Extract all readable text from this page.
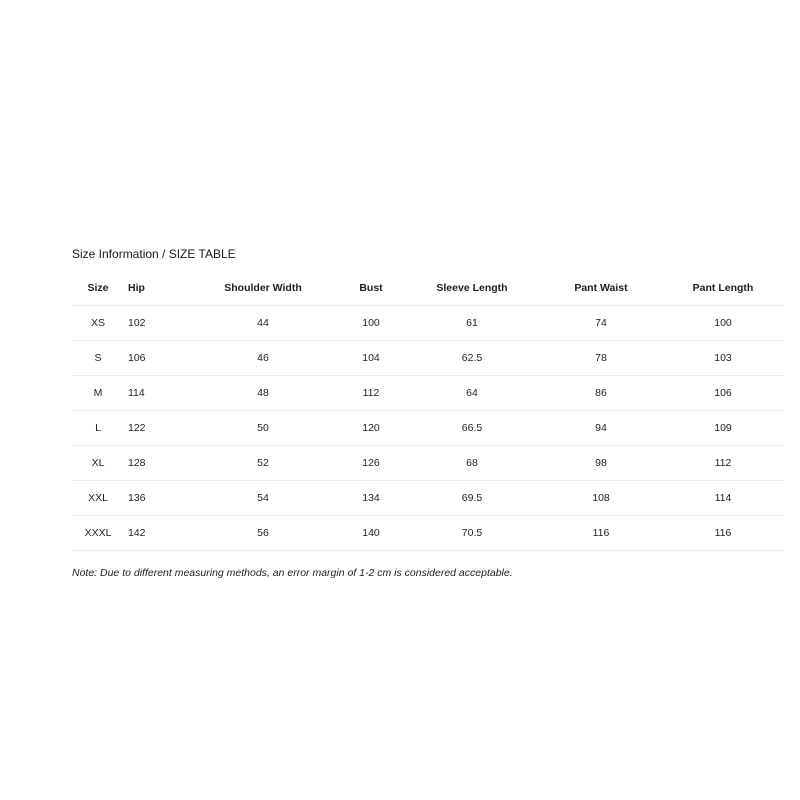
Size Information / SIZE TABLE
Size	Hip	Shoulder Width	Bust	Sleeve Length	Pant Waist	Pant Length
XS	102	44	100	61	74	100
S	106	46	104	62.5	78	103
M	114	48	112	64	86	106
L	122	50	120	66.5	94	109
XL	128	52	126	68	98	112
XXL	136	54	134	69.5	108	114
XXXL	142	56	140	70.5	116	116
Note: Due to different measuring methods, an error margin of 1-2 cm is considered acceptable.
